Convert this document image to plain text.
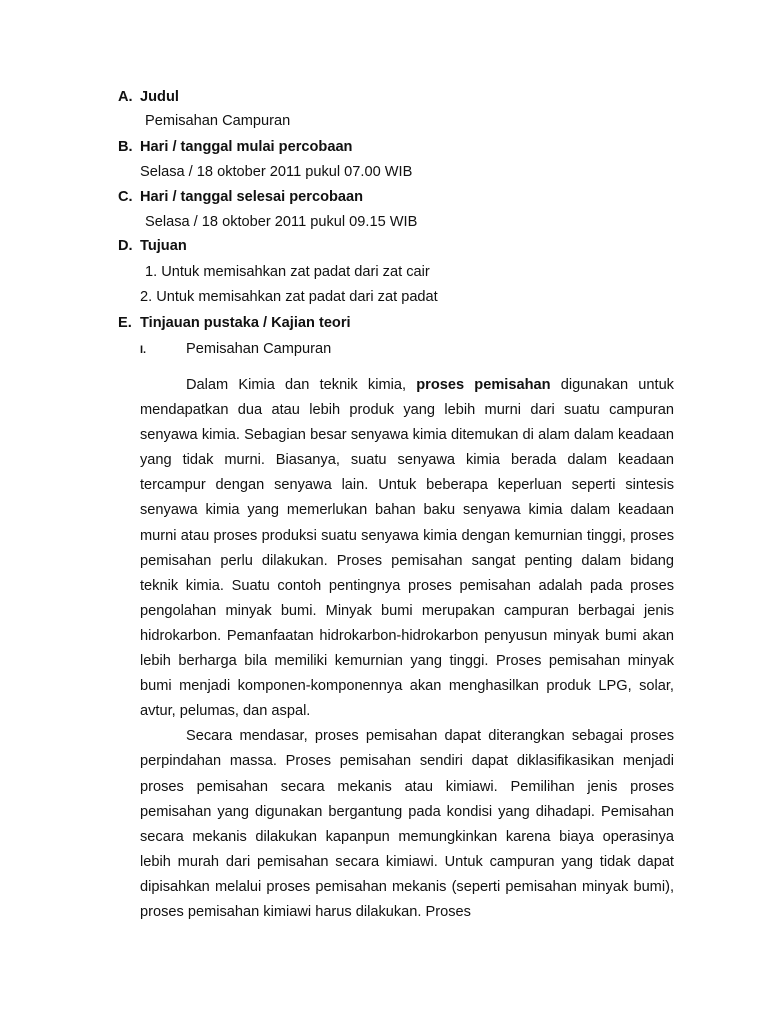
A. Judul
Pemisahan Campuran
B. Hari / tanggal mulai percobaan
Selasa / 18 oktober 2011 pukul 07.00 WIB
C. Hari / tanggal selesai percobaan
Selasa / 18 oktober 2011 pukul 09.15 WIB
D. Tujuan
1. Untuk memisahkan zat padat dari zat cair
2. Untuk memisahkan zat padat dari zat padat
E. Tinjauan pustaka / Kajian teori
I.	Pemisahan Campuran

Dalam Kimia dan teknik kimia, proses pemisahan digunakan untuk mendapatkan dua atau lebih produk yang lebih murni dari suatu campuran senyawa kimia. Sebagian besar senyawa kimia ditemukan di alam dalam keadaan yang tidak murni. Biasanya, suatu senyawa kimia berada dalam keadaan tercampur dengan senyawa lain. Untuk beberapa keperluan seperti sintesis senyawa kimia yang memerlukan bahan baku senyawa kimia dalam keadaan murni atau proses produksi suatu senyawa kimia dengan kemurnian tinggi, proses pemisahan perlu dilakukan. Proses pemisahan sangat penting dalam bidang teknik kimia. Suatu contoh pentingnya proses pemisahan adalah pada proses pengolahan minyak bumi. Minyak bumi merupakan campuran berbagai jenis hidrokarbon. Pemanfaatan hidrokarbon-hidrokarbon penyusun minyak bumi akan lebih berharga bila memiliki kemurnian yang tinggi. Proses pemisahan minyak bumi menjadi komponen-komponennya akan menghasilkan produk LPG, solar, avtur, pelumas, dan aspal.

Secara mendasar, proses pemisahan dapat diterangkan sebagai proses perpindahan massa. Proses pemisahan sendiri dapat diklasifikasikan menjadi proses pemisahan secara mekanis atau kimiawi. Pemilihan jenis proses pemisahan yang digunakan bergantung pada kondisi yang dihadapi. Pemisahan secara mekanis dilakukan kapanpun memungkinkan karena biaya operasinya lebih murah dari pemisahan secara kimiawi. Untuk campuran yang tidak dapat dipisahkan melalui proses pemisahan mekanis (seperti pemisahan minyak bumi), proses pemisahan kimiawi harus dilakukan. Proses
